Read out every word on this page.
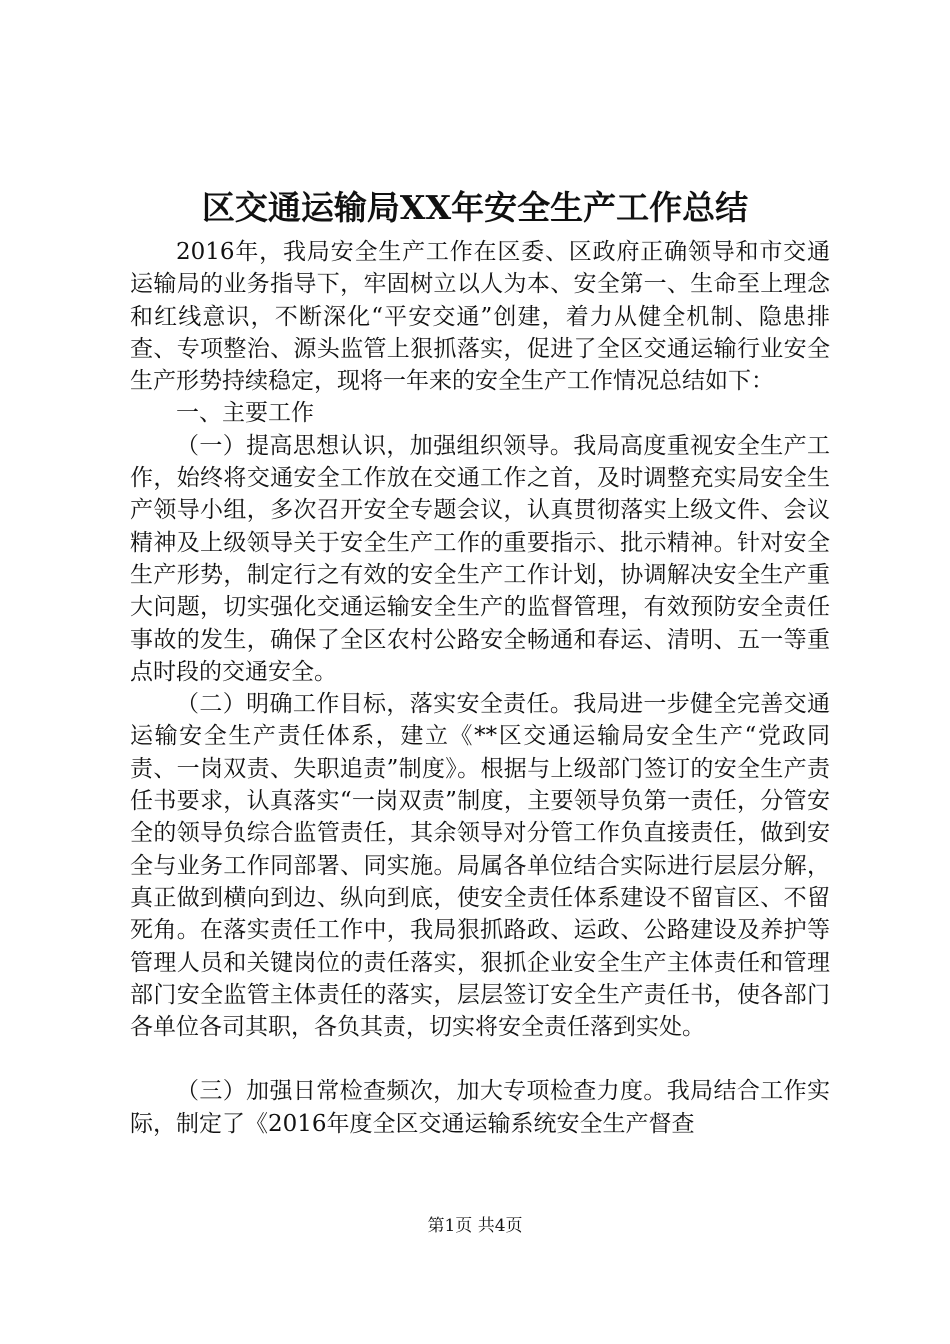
区交通运输局XX年安全生产工作总结

2016年，我局安全生产工作在区委、区政府正确领导和市交通运输局的业务指导下，牢固树立以人为本、安全第一、生命至上理念和红线意识，不断深化“平安交通”创建，着力从健全机制、隐患排查、专项整治、源头监管上狠抓落实，促进了全区交通运输行业安全生产形势持续稳定，现将一年来的安全生产工作情况总结如下：

一、主要工作

（一）提高思想认识，加强组织领导。我局高度重视安全生产工作，始终将交通安全工作放在交通工作之首，及时调整充实局安全生产领导小组，多次召开安全专题会议，认真贯彻落实上级文件、会议精神及上级领导关于安全生产工作的重要指示、批示精神。针对安全生产形势，制定行之有效的安全生产工作计划，协调解决安全生产重大问题，切实强化交通运输安全生产的监督管理，有效预防安全责任事故的发生，确保了全区农村公路安全畅通和春运、清明、五一等重点时段的交通安全。

（二）明确工作目标，落实安全责任。我局进一步健全完善交通运输安全生产责任体系，建立《**区交通运输局安全生产“党政同责、一岗双责、失职追责”制度》。根据与上级部门签订的安全生产责任书要求，认真落实“一岗双责”制度，主要领导负第一责任，分管安全的领导负综合监管责任，其余领导对分管工作负直接责任，做到安全与业务工作同部署、同实施。局属各单位结合实际进行层层分解，真正做到横向到边、纵向到底，使安全责任体系建设不留盲区、不留死角。在落实责任工作中，我局狠抓路政、运政、公路建设及养护等管理人员和关键岗位的责任落实，狠抓企业安全生产主体责任和管理部门安全监管主体责任的落实，层层签订安全生产责任书，使各部门各单位各司其职，各负其责，切实将安全责任落到实处。

（三）加强日常检查频次，加大专项检查力度。我局结合工作实际，制定了《2016年度全区交通运输系统安全生产督查

第1页 共4页
